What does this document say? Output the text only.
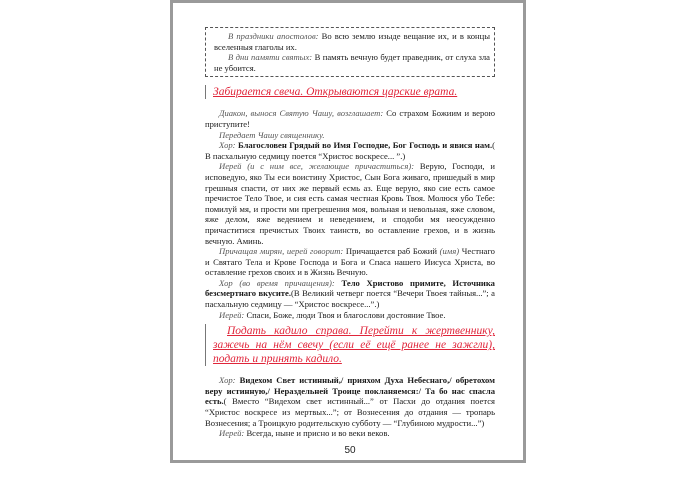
В праздники апостолов: Во всю землю изыде вещание их, и в концы вселенныя глаголы их.

В дни памяти святых: В память вечную будет праведник, от слуха зла не убоится.

Забирается свеча. Открываются царские врата.

Диакон, вынося Святую Чашу, возглашает: Со страхом Божиим и верою приступите!

Передает Чашу священнику.

Хор: Благословен Грядый во Имя Господне, Бог Господь и явися нам.( В пасхальную седмицу поется “Христос воскресе... ”.)

Иерей (и с ним все, желающие причаститься): Верую, Господи, и исповедую, яко Ты еси воистину Христос, Сын Бога живаго, пришедый в мир грешныя спасти, от них же первый есмь аз. Еще верую, яко сие есть самое пречистое Тело Твое, и сия есть самая честная Кровь Твоя. Молюся убо Тебе: помилуй мя, и прости ми прегрешения моя, вольная и невольная, яже словом, яже делом, яже ведением и неведением, и сподоби мя неосужденно причаститися пречистых Твоих таинств, во оставление грехов, и в жизнь вечную. Аминь.

Причащая мирян, иерей говорит: Причащается раб Божий (имя) Честнаго и Святаго Тела и Крове Господа и Бога и Спаса нашего Иисуса Христа, во оставление грехов своих и в Жизнь Вечную.

Хор (во время причащения): Тело Христово примите, Источника безсмертнаго вкусите.(В Великий четверг поется “Вечери Твоея тайныя...”; а пасхальную седмицу — “Христос воскресе...”.)

Иерей: Спаси, Боже, люди Твоя и благослови достояние Твое.

Подать кадило справа. Перейти к жертвеннику, зажечь на нём свечу (если её ещё ранее не зажгли), подать и принять кадило.

Хор: Видехом Свет истинный,/ прияхом Духа Небеснаго,/ обретохом веру истинную,/ Нераздельней Троице покланяемся:/ Та бо нас спасла есть.( Вместо “Видехом свет истинный...” от Пасхи до отдания поется “Христос воскресе из мертвых...”; от Вознесения до отдания — тропарь Вознесения; а Троицкую родительскую субботу — “Глубиною мудрости...”)

Иерей: Всегда, ныне и присно и во веки веков.

50
